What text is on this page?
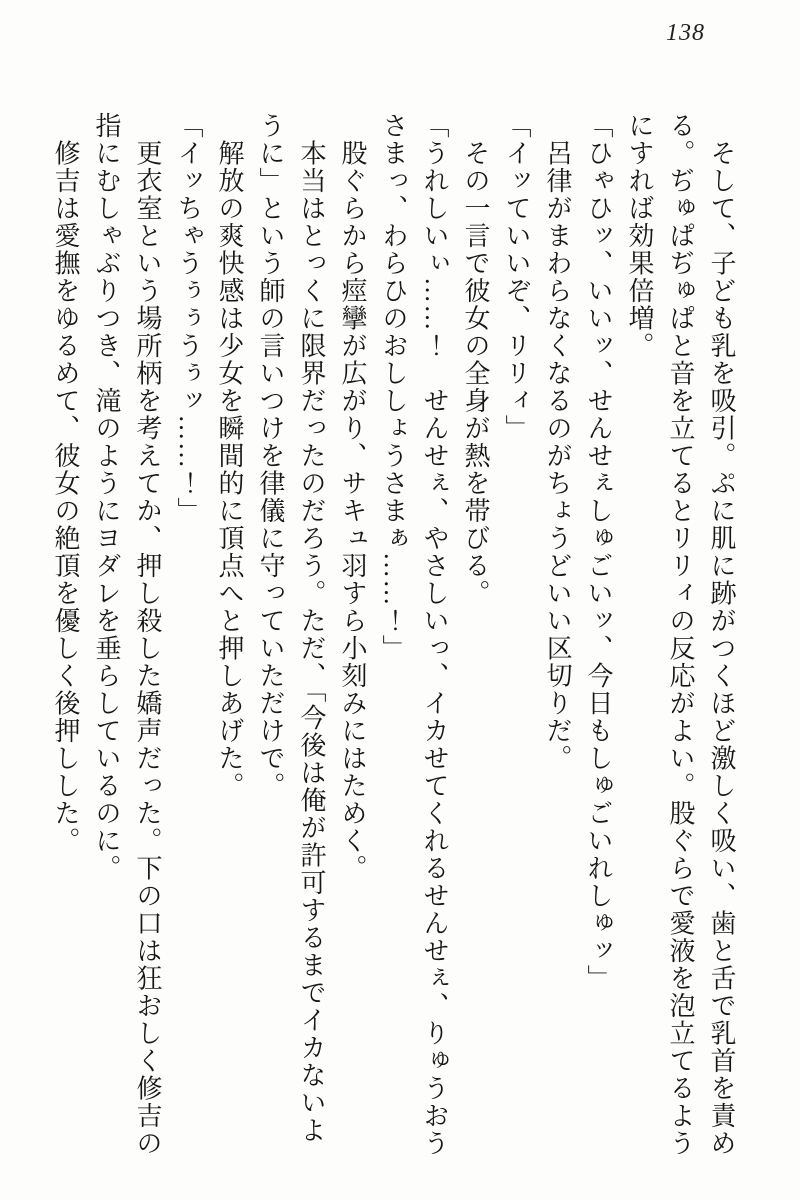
138

　そして、子ども乳を吸引。ぷに肌に跡がつくほど激しく吸い、歯と舌で乳首を責め

る。ぢゅぱぢゅぱと音を立てるとリリィの反応がよい。股ぐらで愛液を泡立てるよう

にすれば効果倍増。

「ひゃひッ、いいッ、せんせぇしゅごいッ、今日もしゅごいれしゅッ」

　呂律がまわらなくなるのがちょうどいい区切りだ。

「イッていいぞ、リリィ」

　その一言で彼女の全身が熱を帯びる。

「うれしいぃ……！　せんせぇ、やさしいっ、イカせてくれるせんせぇ、りゅうおう

さまっ、わらひのおししょうさまぁ……！」

　股ぐらから痙攣が広がり、サキュ羽すら小刻みにはためく。

　本当はとっくに限界だったのだろう。ただ、「今後は俺が許可するまでイカないよ

うに」という師の言いつけを律儀に守っていただけで。

　解放の爽快感は少女を瞬間的に頂点へと押しあげた。

「イッちゃうぅぅうぅッ……！」

　更衣室という場所柄を考えてか、押し殺した嬌声だった。下の口は狂おしく修吉の

指にむしゃぶりつき、滝のようにヨダレを垂らしているのに。

　修吉は愛撫をゆるめて、彼女の絶頂を優しく後押しした。
